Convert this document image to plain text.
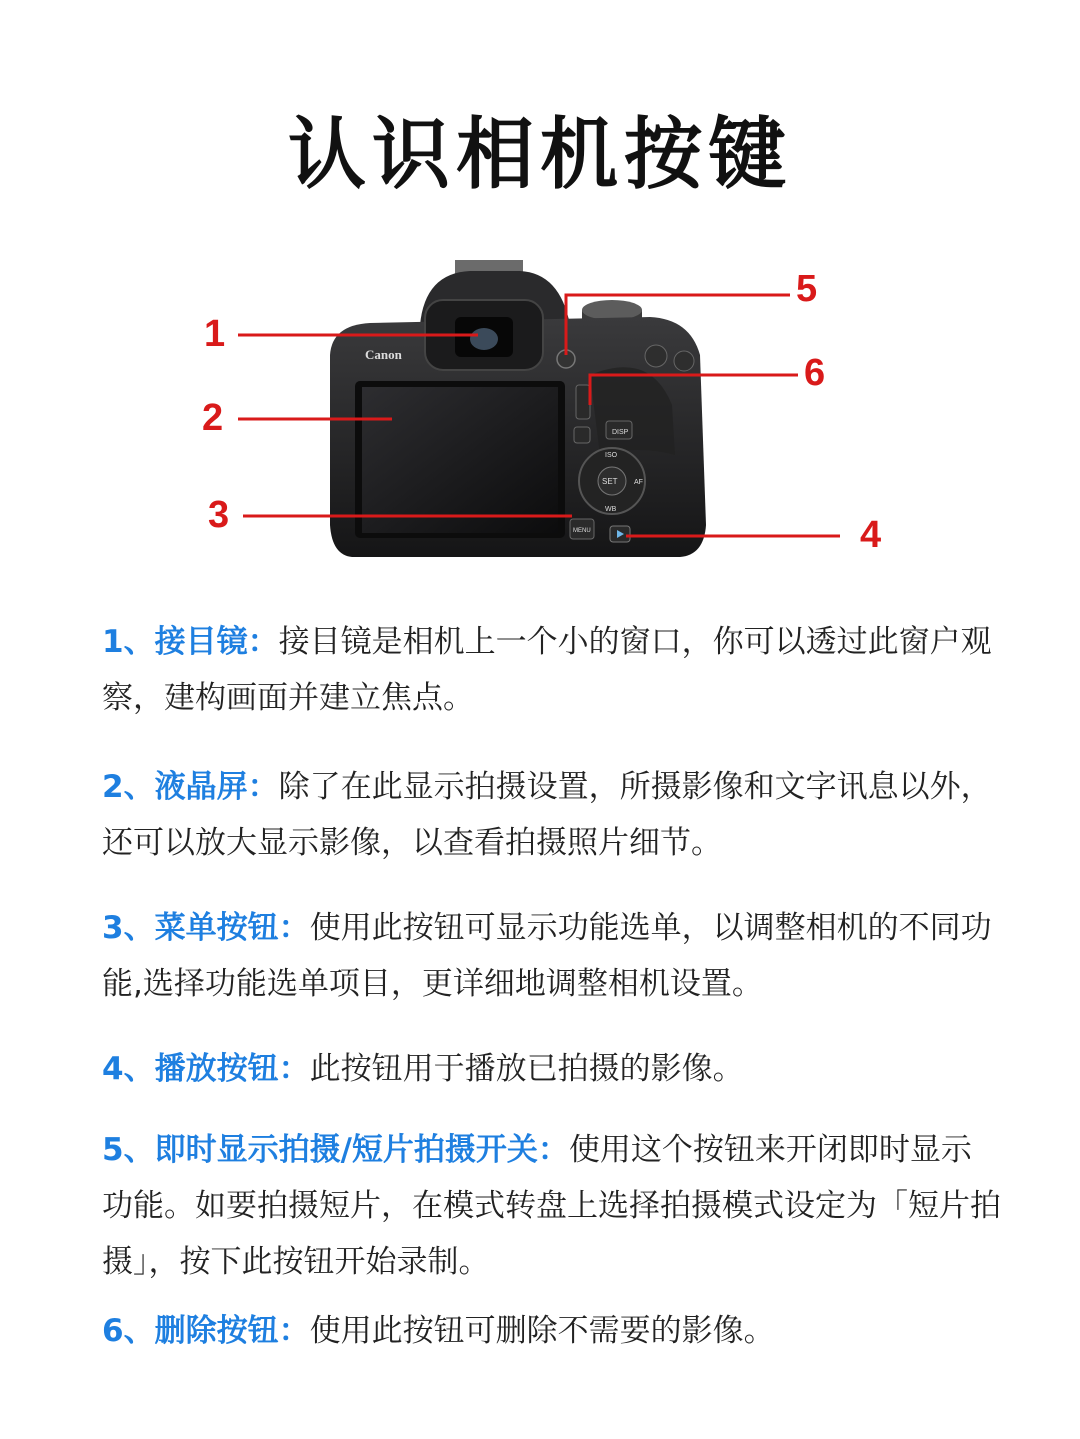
认识相机按键
Canon
DISP
SET
ISO
AF
WB
MENU
1
2
3	4
5
6
1、接目镜：接目镜是相机上一个小的窗口，你可以透过此窗户观察，建构画面并建立焦点。
2、液晶屏：除了在此显示拍摄设置，所摄影像和文字讯息以外，还可以放大显示影像，以查看拍摄照片细节。
3、菜单按钮：使用此按钮可显示功能选单，以调整相机的不同功能,选择功能选单项目，更详细地调整相机设置。
4、播放按钮：此按钮用于播放已拍摄的影像。
5、即时显示拍摄/短片拍摄开关：使用这个按钮来开闭即时显示功能。如要拍摄短片，在模式转盘上选择拍摄模式设定为「短片拍摄」，按下此按钮开始录制。
6、删除按钮：使用此按钮可删除不需要的影像。
